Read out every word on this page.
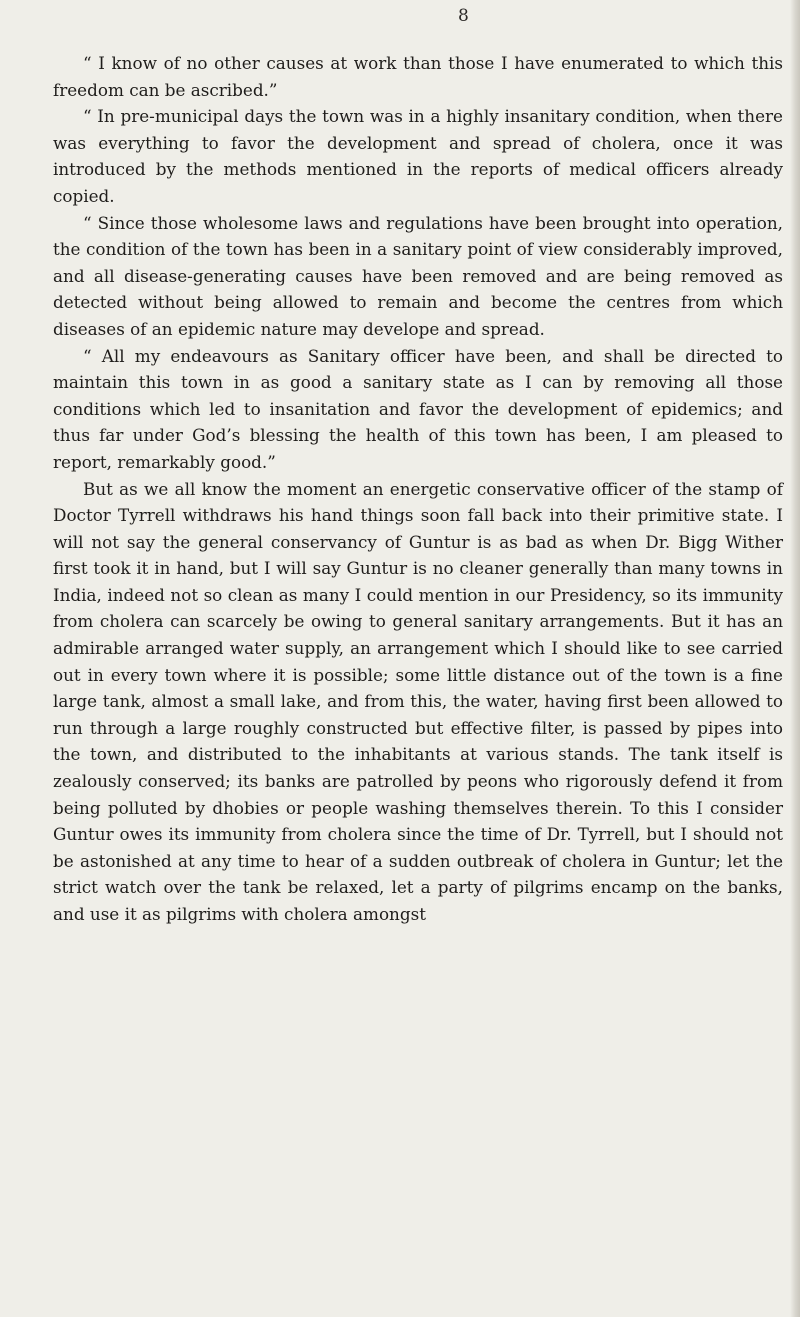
8

“ I know of no other causes at work than those I have enumerated to which this freedom can be ascribed.”

“ In pre-municipal days the town was in a highly insanitary condition, when there was everything to favor the development and spread of cholera, once it was introduced by the methods mentioned in the reports of medical officers already copied.

“ Since those wholesome laws and regulations have been brought into operation, the condition of the town has been in a sanitary point of view considerably improved, and all disease-generating causes have been removed and are being removed as detected without being allowed to remain and become the centres from which diseases of an epidemic nature may develope and spread.

“ All my endeavours as Sanitary officer have been, and shall be directed to maintain this town in as good a sanitary state as I can by removing all those conditions which led to insanitation and favor the development of epidemics; and thus far under God’s blessing the health of this town has been, I am pleased to report, remarkably good.”

But as we all know the moment an energetic conservative officer of the stamp of Doctor Tyrrell withdraws his hand things soon fall back into their primitive state. I will not say the general conservancy of Guntur is as bad as when Dr. Bigg Wither first took it in hand, but I will say Guntur is no cleaner generally than many towns in India, indeed not so clean as many I could mention in our Presidency, so its immunity from cholera can scarcely be owing to general sanitary arrangements. But it has an admirable arranged water supply, an arrangement which I should like to see carried out in every town where it is possible; some little distance out of the town is a fine large tank, almost a small lake, and from this, the water, having first been allowed to run through a large roughly constructed but effective filter, is passed by pipes into the town, and distributed to the inhabitants at various stands. The tank itself is zealously conserved; its banks are patrolled by peons who rigorously defend it from being polluted by dhobies or people washing themselves therein. To this I consider Guntur owes its immunity from cholera since the time of Dr. Tyrrell, but I should not be astonished at any time to hear of a sudden outbreak of cholera in Guntur; let the strict watch over the tank be relaxed, let a party of pilgrims encamp on the banks, and use it as pilgrims with cholera amongst
